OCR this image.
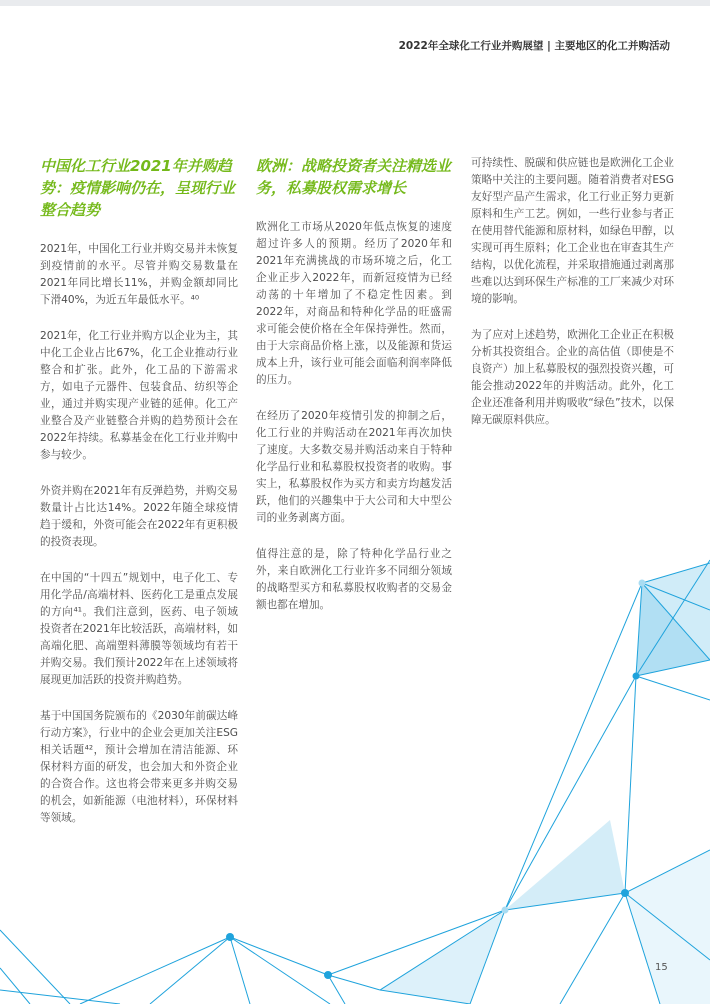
2022年全球化工行业并购展望 | 主要地区的化工并购活动
中国化工行业2021年并购趋势：疫情影响仍在，呈现行业整合趋势

2021年，中国化工行业并购交易并未恢复到疫情前的水平。尽管并购交易数量在2021年同比增长11%，并购金额却同比下滑40%，为近五年最低水平。⁴⁰

2021年，化工行业并购方以企业为主，其中化工企业占比67%，化工企业推动行业整合和扩张。此外，化工品的下游需求方，如电子元器件、包装食品、纺织等企业，通过并购实现产业链的延伸。化工产业整合及产业链整合并购的趋势预计会在2022年持续。私募基金在化工行业并购中参与较少。

外资并购在2021年有反弹趋势，并购交易数量计占比达14%。2022年随全球疫情趋于缓和，外资可能会在2022年有更积极的投资表现。

在中国的“十四五”规划中，电子化工、专用化学品/高端材料、医药化工是重点发展的方向⁴¹。我们注意到，医药、电子领域投资者在2021年比较活跃，高端材料，如高端化肥、高端塑料薄膜等领域均有若干并购交易。我们预计2022年在上述领域将展现更加活跃的投资并购趋势。

基于中国国务院颁布的《2030年前碳达峰行动方案》，行业中的企业会更加关注ESG相关话题⁴²，预计会增加在清洁能源、环保材料方面的研发，也会加大和外资企业的合资合作。这也将会带来更多并购交易的机会，如新能源（电池材料），环保材料等领域。

欧洲：战略投资者关注精选业务，私募股权需求增长

欧洲化工市场从2020年低点恢复的速度超过许多人的预期。经历了2020年和2021年充满挑战的市场环境之后，化工企业正步入2022年，而新冠疫情为已经动荡的十年增加了不稳定性因素。到2022年，对商品和特种化学品的旺盛需求可能会使价格在全年保持弹性。然而，由于大宗商品价格上涨，以及能源和货运成本上升，该行业可能会面临利润率降低的压力。

在经历了2020年疫情引发的抑制之后，化工行业的并购活动在2021年再次加快了速度。大多数交易并购活动来自于特种化学品行业和私募股权投资者的收购。事实上，私募股权作为买方和卖方均越发活跃，他们的兴趣集中于大公司和大中型公司的业务剥离方面。

值得注意的是，除了特种化学品行业之外，来自欧洲化工行业许多不同细分领域的战略型买方和私募股权收购者的交易金额也都在增加。

可持续性、脱碳和供应链也是欧洲化工企业策略中关注的主要问题。随着消费者对ESG友好型产品产生需求，化工行业正努力更新原料和生产工艺。例如，一些行业参与者正在使用替代能源和原材料，如绿色甲醇，以实现可再生原料；化工企业也在审查其生产结构，以优化流程，并采取措施通过剥离那些难以达到环保生产标准的工厂来减少对环境的影响。

为了应对上述趋势，欧洲化工企业正在积极分析其投资组合。企业的高估值（即使是不良资产）加上私募股权的强烈投资兴趣，可能会推动2022年的并购活动。此外，化工企业还准备利用并购吸收“绿色”技术，以保障无碳原料供应。

15
